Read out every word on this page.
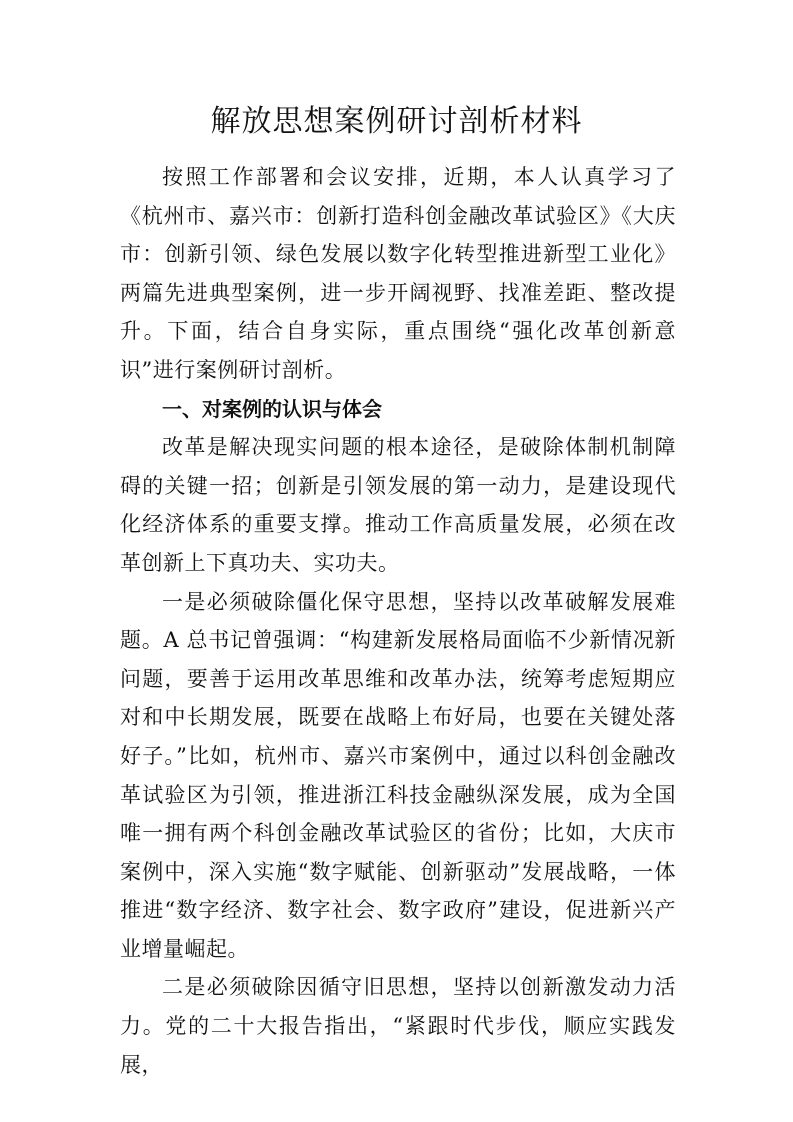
解放思想案例研讨剖析材料

按照工作部署和会议安排，近期，本人认真学习了《杭州市、嘉兴市：创新打造科创金融改革试验区》《大庆市：创新引领、绿色发展以数字化转型推进新型工业化》两篇先进典型案例，进一步开阔视野、找准差距、整改提升。下面，结合自身实际，重点围绕“强化改革创新意识”进行案例研讨剖析。

一、对案例的认识与体会

改革是解决现实问题的根本途径，是破除体制机制障碍的关键一招；创新是引领发展的第一动力，是建设现代化经济体系的重要支撑。推动工作高质量发展，必须在改革创新上下真功夫、实功夫。

一是必须破除僵化保守思想，坚持以改革破解发展难题。A 总书记曾强调：“构建新发展格局面临不少新情况新问题，要善于运用改革思维和改革办法，统筹考虑短期应对和中长期发展，既要在战略上布好局，也要在关键处落好子。”比如，杭州市、嘉兴市案例中，通过以科创金融改革试验区为引领，推进浙江科技金融纵深发展，成为全国唯一拥有两个科创金融改革试验区的省份；比如，大庆市案例中，深入实施“数字赋能、创新驱动”发展战略，一体推进“数字经济、数字社会、数字政府”建设，促进新兴产业增量崛起。

二是必须破除因循守旧思想，坚持以创新激发动力活力。党的二十大报告指出，“紧跟时代步伐，顺应实践发展，
